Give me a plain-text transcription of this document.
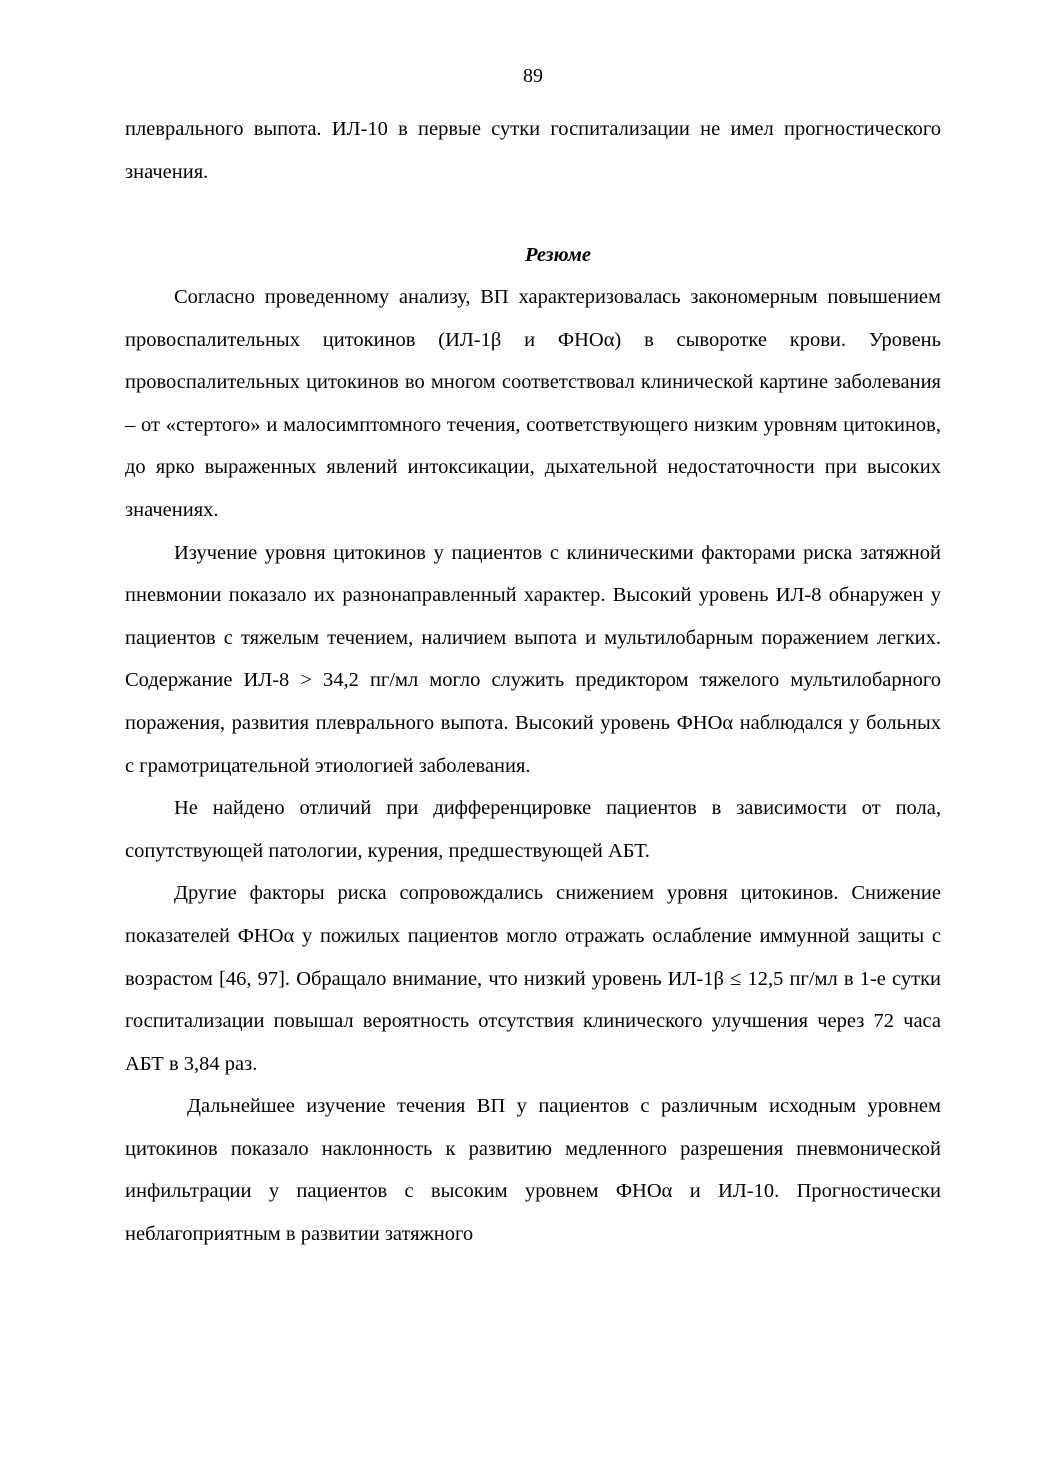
89

плеврального выпота. ИЛ-10 в первые сутки госпитализации не имел прогностического значения.

Резюме

Согласно проведенному анализу, ВП характеризовалась закономерным повышением провоспалительных цитокинов (ИЛ-1β и ФНОα) в сыворотке крови. Уровень провоспалительных цитокинов во многом соответствовал клинической картине заболевания – от «стертого» и малосимптомного течения, соответствующего низким уровням цитокинов, до ярко выраженных явлений интоксикации, дыхательной недостаточности при высоких значениях.

Изучение уровня цитокинов у пациентов с клиническими факторами риска затяжной пневмонии показало их разнонаправленный характер. Высокий уровень ИЛ-8 обнаружен у пациентов с тяжелым течением, наличием выпота и мультилобарным поражением легких. Содержание ИЛ-8 > 34,2 пг/мл могло служить предиктором тяжелого мультилобарного поражения, развития плеврального выпота. Высокий уровень ФНОα наблюдался у больных с грамотрицательной этиологией заболевания.

Не найдено отличий при дифференцировке пациентов в зависимости от пола, сопутствующей патологии, курения, предшествующей АБТ.

Другие факторы риска сопровождались снижением уровня цитокинов. Снижение показателей ФНОα у пожилых пациентов могло отражать ослабление иммунной защиты с возрастом [46, 97]. Обращало внимание, что низкий уровень ИЛ-1β ≤ 12,5 пг/мл в 1-е сутки госпитализации повышал вероятность отсутствия клинического улучшения через 72 часа АБТ в 3,84 раз.

Дальнейшее изучение течения ВП у пациентов с различным исходным уровнем цитокинов показало наклонность к развитию медленного разрешения пневмонической инфильтрации у пациентов с высоким уровнем ФНОα и ИЛ-10. Прогностически неблагоприятным в развитии затяжного
